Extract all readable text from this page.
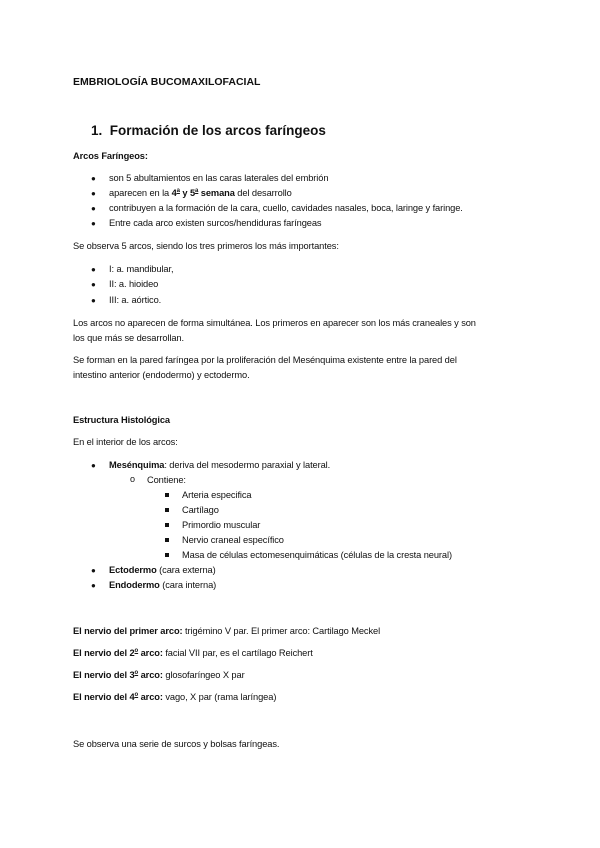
EMBRIOLOGÍA BUCOMAXILOFACIAL
1. Formación de los arcos faríngeos
Arcos Faríngeos:
● son 5 abultamientos en las caras laterales del embrión
● aparecen en la 4$^a$ y 5$^a$ semana del desarrollo
● contribuyen a la formación de la cara, cuello, cavidades nasales, boca, laringe y faringe.
● Entre cada arco existen surcos/hendiduras faríngeas
Se observa 5 arcos, siendo los tres primeros los más importantes:
● I: a. mandibular,
● II: a. hioideo
● III: a. aórtico.
Los arcos no aparecen de forma simultánea. Los primeros en aparecer son los más craneales y son
los que más se desarrollan.
Se forman en la pared faríngea por la proliferación del Mesénquima existente entre la pared del
intestino anterior (endodermo) y ectodermo.
Estructura Histológica
En el interior de los arcos:
● Mesénquima: deriva del mesodermo paraxial y lateral.
o Contiene:
Arteria especifica
Cartílago
Primordio muscular
Nervio craneal específico
Masa de células ectomesenquimáticas (células de la cresta neural)
● Ectodermo (cara externa)
● Endodermo (cara interna)
El nervio del primer arco: trigémino V par. El primer arco: Cartilago Meckel
El nervio del 2$^o$ arco: facial VII par, es el cartílago Reichert
El nervio del 3$^o$ arco: glosofaríngeo X par
El nervio del 4$^o$ arco: vago, X par (rama laríngea)
Se observa una serie de surcos y bolsas faríngeas.
